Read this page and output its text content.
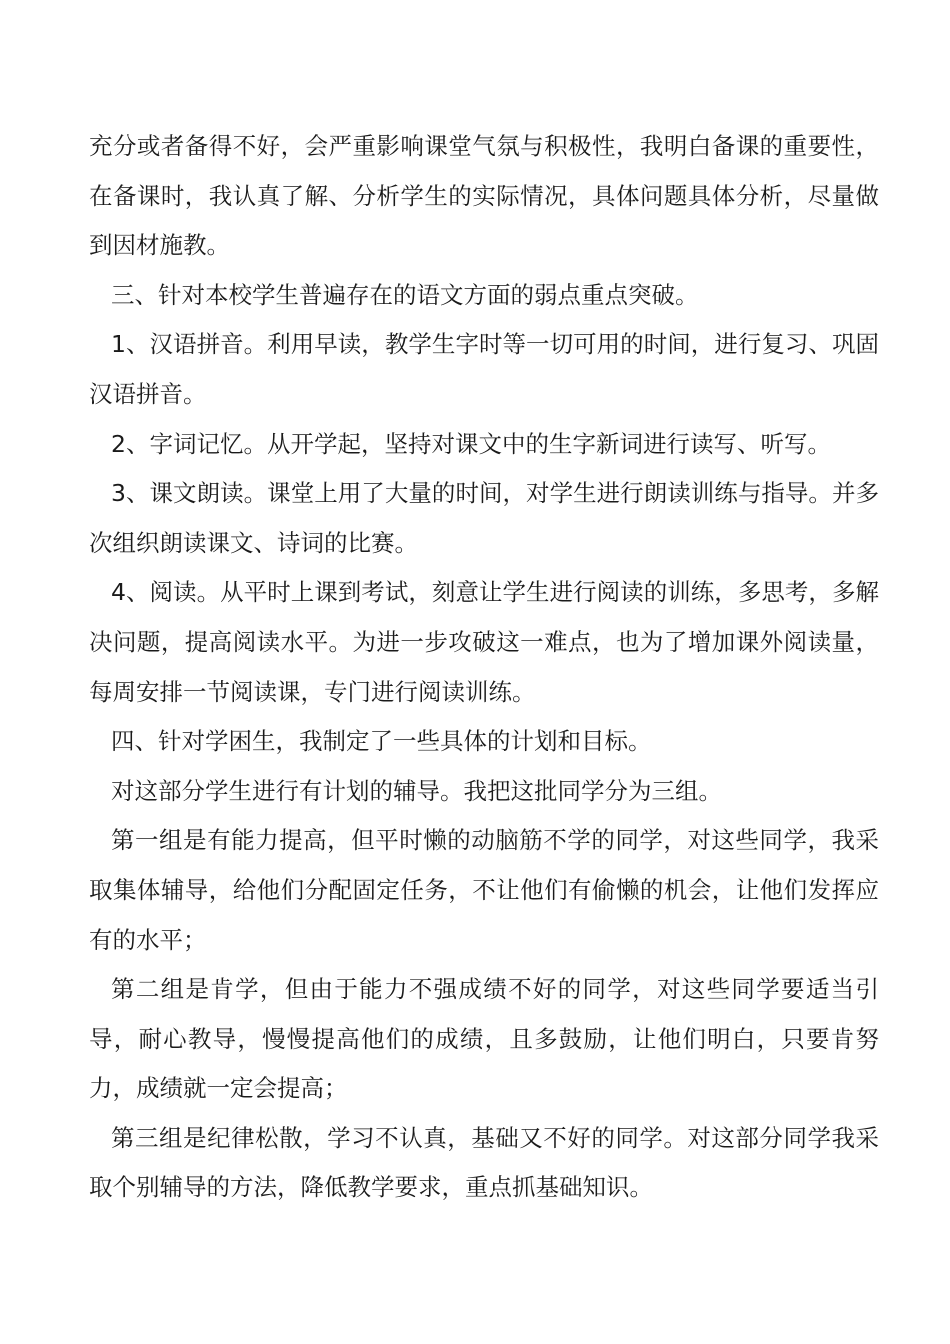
充分或者备得不好，会严重影响课堂气氛与积极性，我明白备课的重要性，在备课时，我认真了解、分析学生的实际情况，具体问题具体分析，尽量做到因材施教。

三、针对本校学生普遍存在的语文方面的弱点重点突破。

1、汉语拼音。利用早读，教学生字时等一切可用的时间，进行复习、巩固汉语拼音。

2、字词记忆。从开学起，坚持对课文中的生字新词进行读写、听写。

3、课文朗读。课堂上用了大量的时间，对学生进行朗读训练与指导。并多次组织朗读课文、诗词的比赛。

4、阅读。从平时上课到考试，刻意让学生进行阅读的训练，多思考，多解决问题，提高阅读水平。为进一步攻破这一难点，也为了增加课外阅读量，每周安排一节阅读课，专门进行阅读训练。

四、针对学困生，我制定了一些具体的计划和目标。

对这部分学生进行有计划的辅导。我把这批同学分为三组。

第一组是有能力提高，但平时懒的动脑筋不学的同学，对这些同学，我采取集体辅导，给他们分配固定任务，不让他们有偷懒的机会，让他们发挥应有的水平；

第二组是肯学，但由于能力不强成绩不好的同学，对这些同学要适当引导，耐心教导，慢慢提高他们的成绩，且多鼓励，让他们明白，只要肯努力，成绩就一定会提高；

第三组是纪律松散，学习不认真，基础又不好的同学。对这部分同学我采取个别辅导的方法，降低教学要求，重点抓基础知识。
